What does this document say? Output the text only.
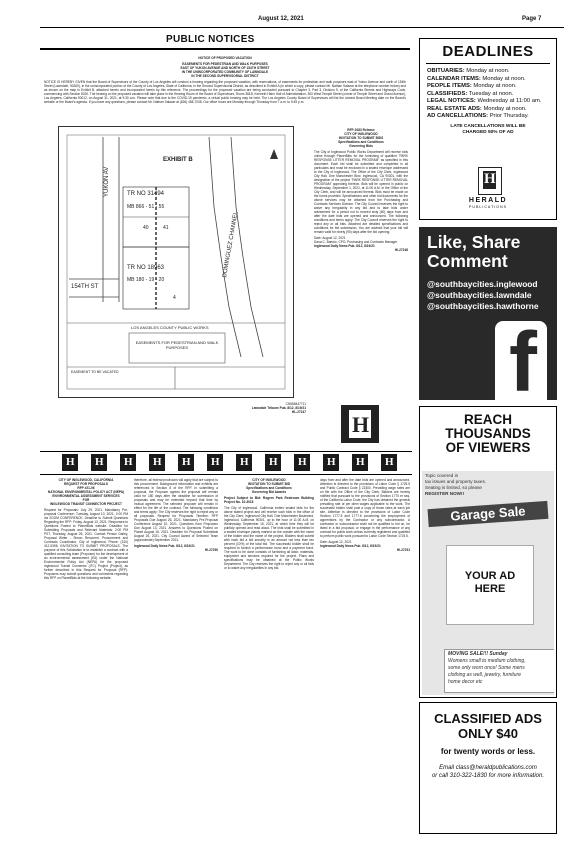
August 12, 2021	Page 7
PUBLIC NOTICES

NOTICE OF PROPOSED VACATION

EASEMENTS FOR PEDESTRIAN AND WALK PURPOSES

EAST OF YUKON AVENUE AND NORTH OF 154TH STREET

IN THE UNINCORPORATED COMMUNITY OF LAWNDALE

IN THE SECOND SUPERVISORIAL DISTRICT

NOTICE IS HEREBY GIVEN that the Board of Supervisors of the County of Los Angeles will conduct a hearing regarding the proposed vacation, with reservations, of easements for pedestrian and walk purposes east of Yukon Avenue and north of 154th Street (Lawndale, 90260), in the unincorporated portion of the County of Los Angeles, State of California, in the Second Supervisorial District, as described in Exhibit A (in which a copy, please contact Mr. Nathan Salazar at the telephone number below) and as shown on the map in Exhibit B, attached hereto and incorporated herein by this reference. The proceedings for the proposed vacation are being conducted pursuant to Chapter 3, Part 3, Division 9, of the California Streets and Highways Code, commencing with Section 8320. The hearing on the proposed vacation will take place in the Hearing Room of the Board of Supervisors, Room 381B, Kenneth Hahn Hall of Administration, 500 West Temple Street (corner of Temple Street and Grand Avenue), Los Angeles, California 90012, on August 31, 2021, at 9:30 a.m. Please note that due to the COVID-19 pandemic, a virtual public hearing may be held. The Los Angeles County Board of Supervisors will list the closest Board Meeting date on the Board's website or the Board's agenda. If you have any questions, please contact Mr. Nathan Salazar at (626) 458-7038. Our office hours are Monday through Thursday from 7 a.m. to 5:45 p.m.

EXHIBIT B
TR NO 31494
MB 866 - 51 - 55
TR NO 18963
MB 180 - 19 - 20
YUKON AV
154TH ST
DOMINGUEZ CHANNEL
40	41
4
LOS ANGELES COUNTY PUBLIC WORKS
EASEMENTS FOR PEDESTRIAN AND WALK PURPOSES
EASEMENT TO BE VACATED
CN588447711
Lawndale Tribune Pub. 8/12, 8/19/21
HL-27247

RFP-9183 Release
CITY OF INGLEWOOD
INVITATION TO SUBMIT BIDS
Specifications and Conditions
Governing Bids

The City of Inglewood Public Works Department will receive bids online through PlanetBids for the furnishing of qualified "PARK RESPONSE LITTER REMOVAL PROGRAM" as specified in this document. Each bid shall be submitted and completed in all particulars and must be enclosed in a sealed envelope addressed to the City of Inglewood, The Office of the City Clerk, Inglewood City Hall, One Manchester Blvd. Inglewood, CA 90301, with the designation of the project "PARK RESPONSE LITTER REMOVAL PROGRAM" appearing thereon. Bids will be opened in public on Wednesday, September 1, 2021, at 11:00 A.M. in the Office of the City Clerk, and will be announced thereat. Bids must be made on the forms provided. Specifications and other bid documents for the above services may be obtained from the Purchasing and Contracts Services Division. The City Council reserves the right to waive any irregularity in any bid and to take bids under advisement for a period not to exceed sixty (60) days from and after the date bids are opened and announced. The following conditions and terms apply: The City Council reserves the right to reject any or all bids. Attached are detailed specifications and conditions for bid submission. You are advised that your bid will remain valid for ninety (90) days after the bid opening.

Date: August 12, 2021

Dana C. Bartolo, CPO, Purchasing and Contracts Manager

Inglewood Daily News Pub. 8/12, 8/19/21

HI-27248

H

CITY OF INGLEWOOD, CALIFORNIA
REQUEST FOR PROPOSALS
RFP #21-06
NATIONAL ENVIRONMENTAL POLICY ACT (NEPA) ENVIRONMENTAL ASSESSMENT SERVICES
FOR
INGLEWOOD TRANSIT CONNECTOR PROJECT

Request for Proposals: July 29, 2021. Mandatory Pre-proposal Conference: Tuesday, August 10, 2021, 2:00 PM via ZOOM CONFERENCE. Deadline to Submit Questions Regarding the RFP: Friday, August 13, 2021. Responses to Questions Posted to PlanetBids website. Deadline for Submitting Proposals and Relevant Materials: 2:00 PM PST, Thursday, August 26, 2021. Contact Person Dailey, Proposal Writer - Simon Rencurrel, Procurement and Contracts Coordinator, City of Inglewood. Phone: (310) 412-5398. INVITATION TO SUBMIT PROPOSALS. The purpose of this Solicitation is to establish a contract with a qualified consulting team (Proposer) for the development of an environmental assessment (EA) under the National Environmental Policy Act (NEPA) for the proposed Inglewood Transit Connector (ITC) Project (Project), as further described in this Request for Proposal (RFP). Proposers may submit questions and comments regarding this RFP on PlanetBids at the following website.

therefore, all federal provisions will apply that are subject to this procurement. Background information and exhibits are referenced in Section 8 of the RFP. In submitting a proposal, the Proposer agrees the proposal will remain valid for 180 days after the deadline for submission of proposals and may be extended beyond that time by mutual agreement. The selected proposer will remain in effect for the life of the contract. The following conditions and terms apply: The City reserves the right to reject any or all proposals. Request for Proposals Timeline: RFP Proposals Due August 26, 2021. Mandatory Pre-Proposal Conference August 10, 2021. Questions from Proposers Due August 13, 2021. Answers to Questions Posted on Planet August 16, 2021. Deadline for Proposal Submittals August 26, 2021. City Council Award of Selected Team (approximate) September 2021.

Inglewood Daily News Pub. 8/12, 8/19/21

HI-27250

CITY OF INGLEWOOD
INVITATION TO SUBMIT BID
Specifications and Conditions
Governing Bid Awards

Project Subject to Bid: Rogers Park Restroom Building Project No. 10-3015

The City of Inglewood, California invites sealed bids for the above stated project and will receive such bids in the office of the City Clerk, Inglewood City Hall, One Manchester Boulevard, Inglewood, California 90301, up to the hour of 11:00 A.M. on Wednesday, September 15, 2021, at which time they will be publicly opened and read aloud. The bids shall be submitted in a sealed envelope plainly marked on the outside with the name of the bidder and the name of the project. Bidders shall submit with each bid a bid security in an amount not less than ten percent (10%) of the total bid. The successful bidder shall be required to furnish a performance bond and a payment bond. The work to be done consists of furnishing all labor, materials, equipment and services required for the project. Plans and specifications may be obtained at the Public Works Department. The City reserves the right to reject any or all bids or to waive any irregularities in any bid.

days from and after the date bids are opened and announced. Attention is directed to the provisions of Labor Code § 1725.5 and Public Contract Code § 22300. Prevailing wage rates are on file with the Office of the City Clerk. Bidders are hereby notified that pursuant to the provisions of Section 1770 et seq. of the California Labor Code, the City has obtained the general prevailing rate of per diem wages applicable to the work. The successful bidder shall post a copy of those rates at each job site. Attention is directed to the provisions of Labor Code Section 1777.5 and 1777.6 concerning the employment of apprentices by the Contractor or any subcontractor. A contractor or subcontractor shall not be qualified to bid on, be listed in a bid proposal, or engage in the performance of any contract for public work unless currently registered and qualified to perform public work pursuant to Labor Code Section 1725.5.

Date: August 12, 2021

Inglewood Daily News Pub. 8/12, 8/19/21

HI-27251

DEADLINES
OBITUARIES: Monday at noon.
CALENDAR ITEMS: Monday at noon.
PEOPLE ITEMS: Monday at noon.
CLASSIFIEDS: Tuesday at noon.
LEGAL NOTICES: Wednesday at 11:00 am.
REAL ESTATE ADS: Monday at noon.
AD CANCELLATIONS: Prior Thursday.
LATE CANCELLATIONS WILL BE
CHARGED 50% OF AD
H
HERALD
PUBLICATIONS
Like, Share
Comment
@southbaycities.inglewood
@southbaycities.lawndale
@southbaycities.hawthorne
f
REACH
THOUSANDS
OF VIEWERS
Topic covered in
tax issues and property taxes.
Seating is limited, so please
REGISTER NOW!!
Garage Sale
YOUR AD
HERE
MOVING SALE!!! Sunday
Womens small to medium clothing,
some only worn once! Some mens
clothing as well, jewelry, furniture
home decor etc
CLASSIFIED ADS
ONLY $40
for twenty words or less.
Email class@heraldpublications.com
or call 310-322-1830 for more information.
H
H
H
H
H
H
H
H
H
H
H
H
